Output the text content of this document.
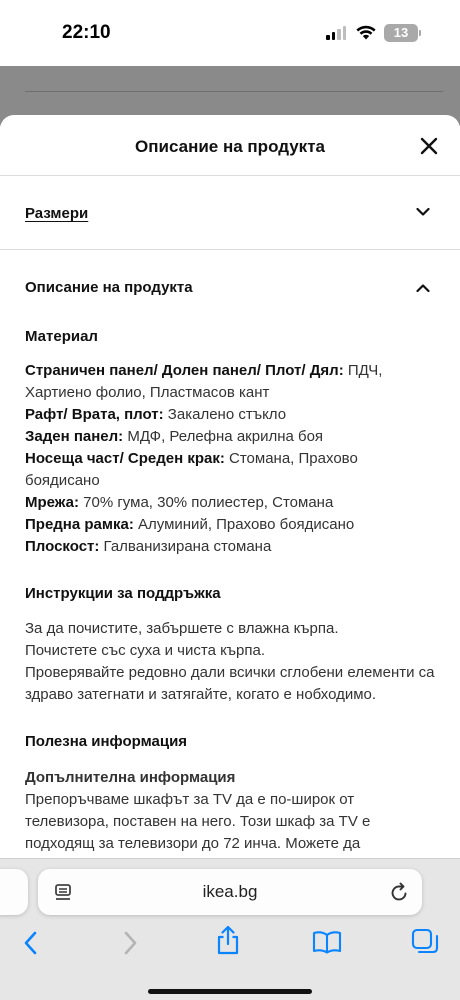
22:10	13
Описание на продукта
Размери
Описание на продукта
Материал
Страничен панел/ Долен панел/ Плот/ Дял: ПДЧ, Хартиено фолио, Пластмасов кант
Рафт/ Врата, плот: Закалено стъкло
Заден панел: МДФ, Релефна акрилна боя
Носеща част/ Среден крак: Стомана, Прахово боядисано
Мрежа: 70% гума, 30% полиестер, Стомана
Предна рамка: Алуминий, Прахово боядисано
Плоскост: Галванизирана стомана
Инструкции за поддръжка

За да почистите, забършете с влажна кърпа.

Почистете със суха и чиста кърпа.

Проверявайте редовно дали всички сглобени елементи са здраво затегнати и затягайте, когато е нобходимо.

Полезна информация

Допълнителна информация

Препоръчваме шкафът за TV да е по-широк от телевизора, поставен на него. Този шкаф за TV е подходящ за телевизори до 72 инча. Можете да

ikea.bg
